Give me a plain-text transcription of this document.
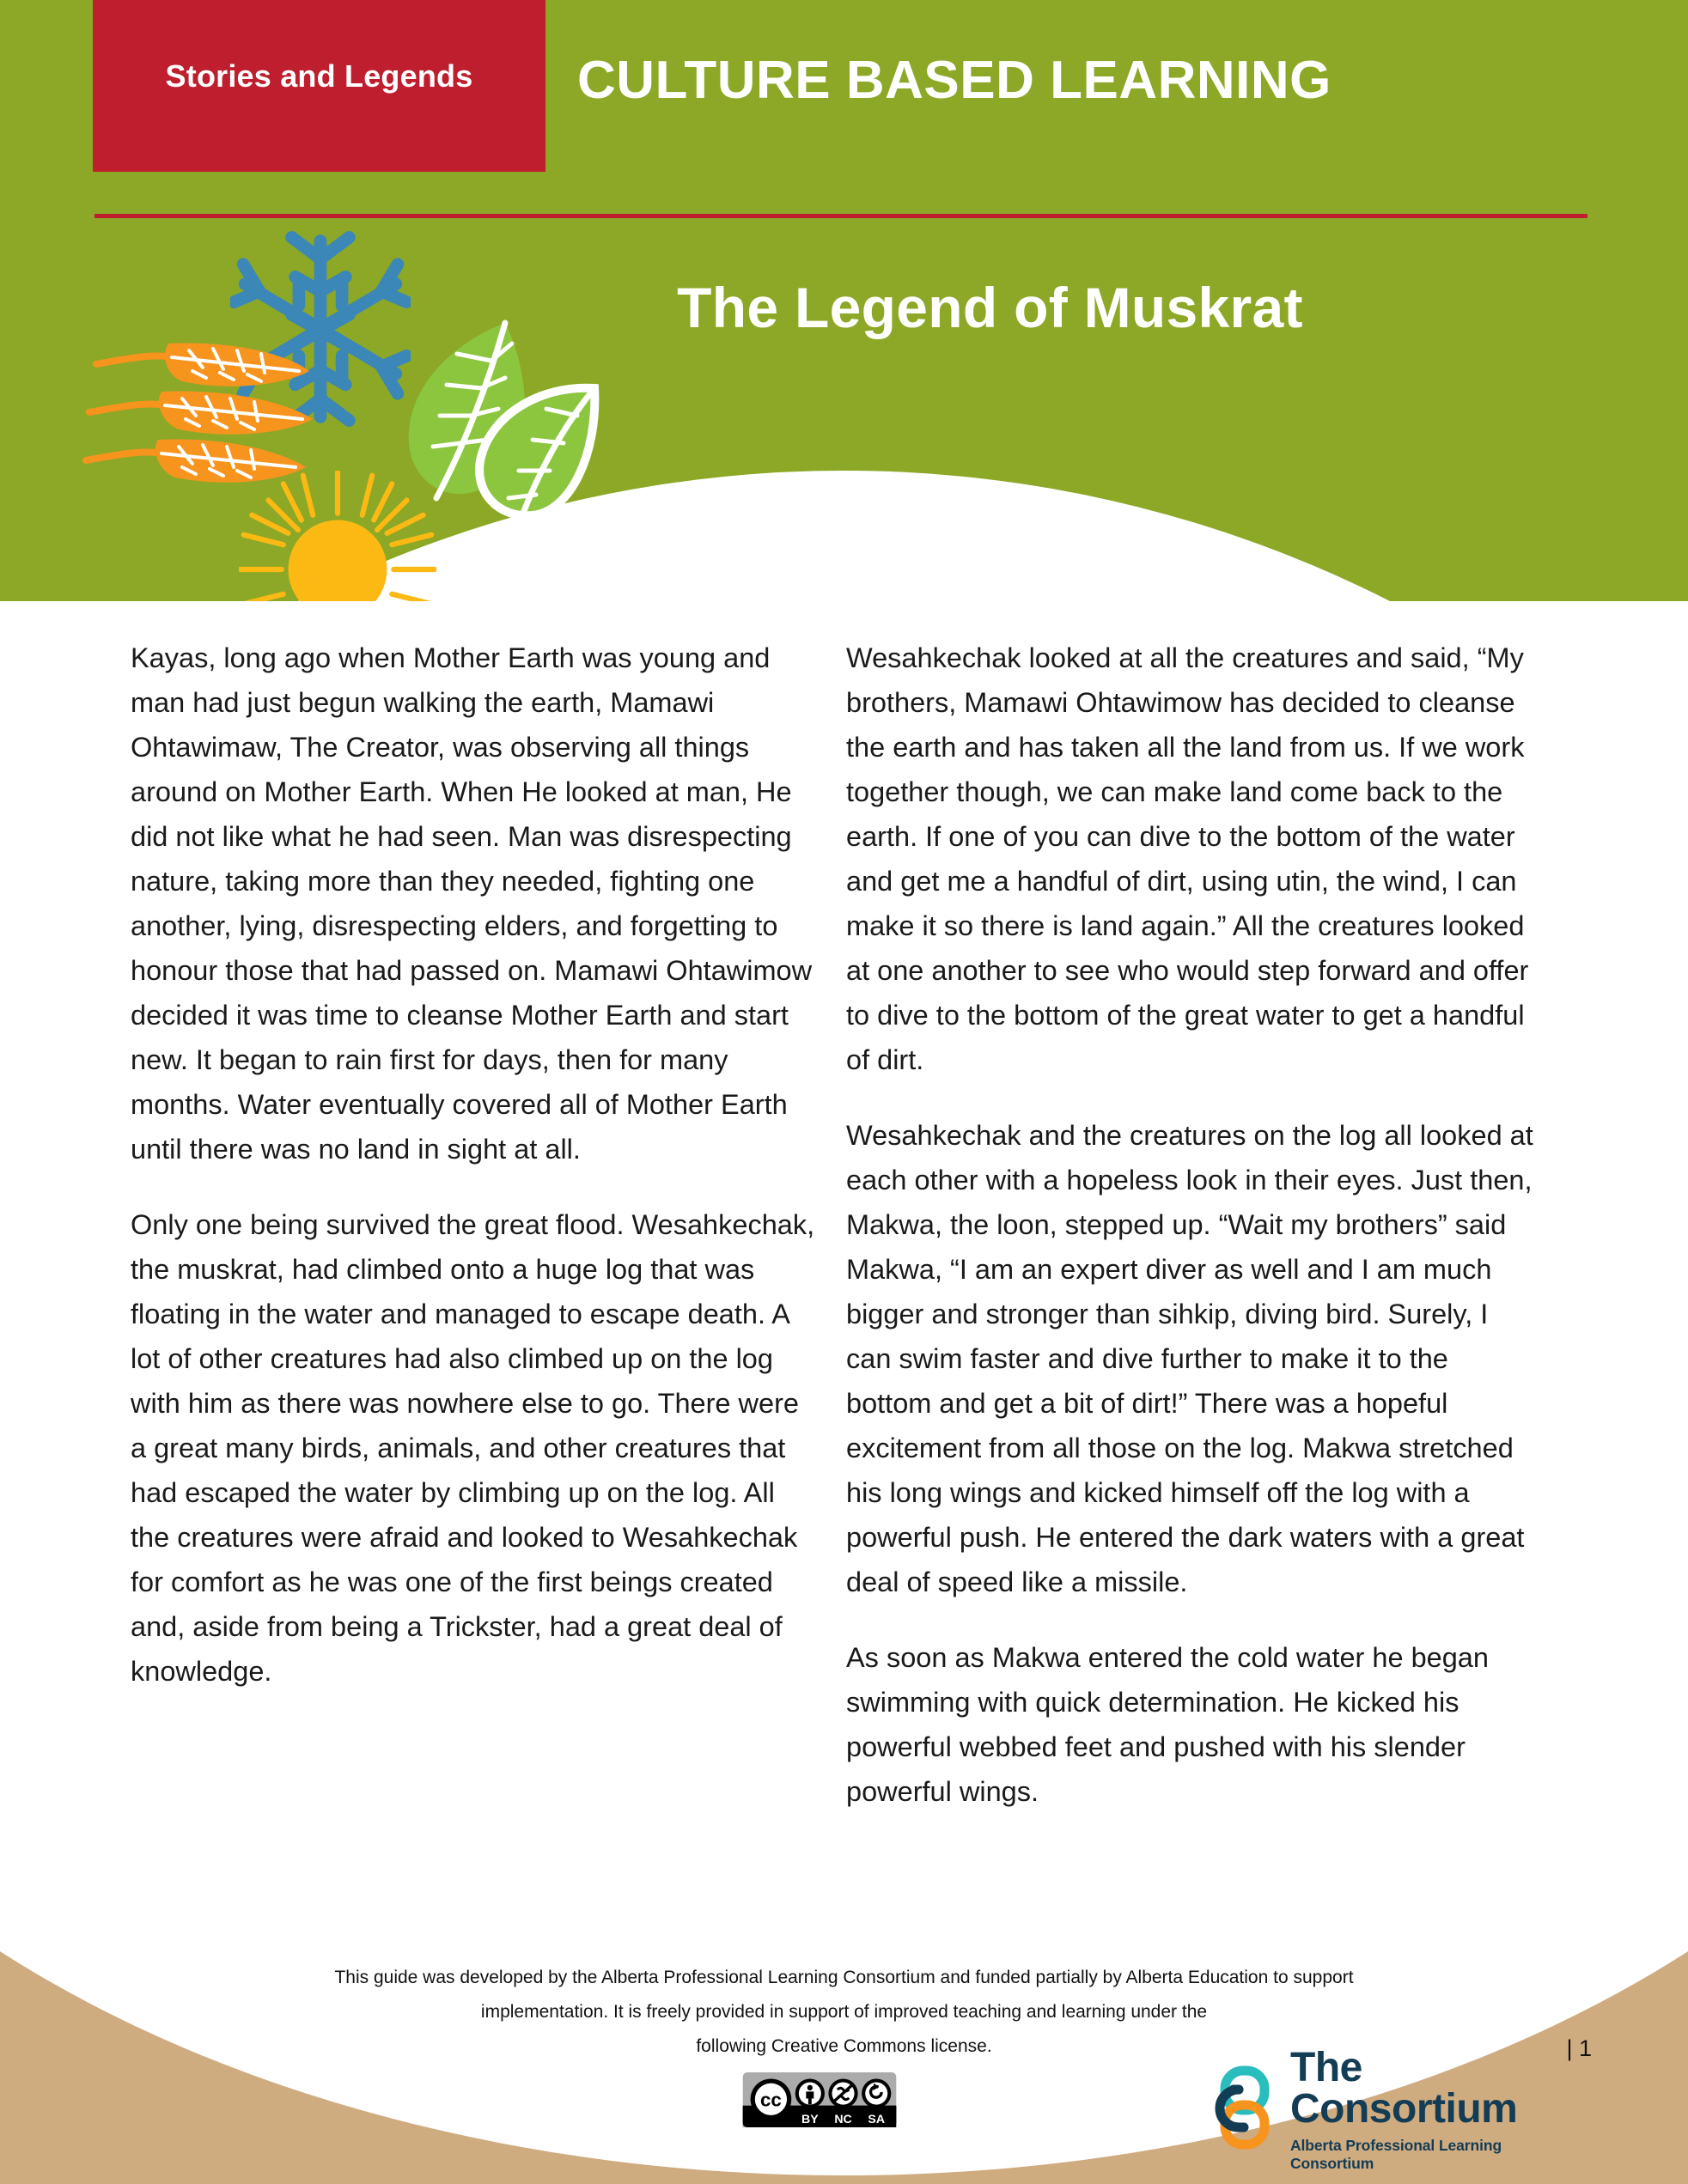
Stories and Legends	CULTURE BASED LEARNING
The Legend of Muskrat

Kayas, long ago when Mother Earth was young and man had just begun walking the earth, Mamawi Ohtawimaw, The Creator, was observing all things around on Mother Earth. When He looked at man, He did not like what he had seen. Man was disrespecting nature, taking more than they needed, fighting one another, lying, disrespecting elders, and forgetting to honour those that had passed on. Mamawi Ohtawimow decided it was time to cleanse Mother Earth and start new. It began to rain first for days, then for many months. Water eventually covered all of Mother Earth until there was no land in sight at all.

Only one being survived the great flood. Wesahkechak, the muskrat, had climbed onto a huge log that was floating in the water and managed to escape death. A lot of other creatures had also climbed up on the log with him as there was nowhere else to go. There were a great many birds, animals, and other creatures that had escaped the water by climbing up on the log. All the creatures were afraid and looked to Wesahkechak for comfort as he was one of the first beings created and, aside from being a Trickster, had a great deal of knowledge.

Wesahkechak looked at all the creatures and said, “My brothers, Mamawi Ohtawimow has decided to cleanse the earth and has taken all the land from us. If we work together though, we can make land come back to the earth. If one of you can dive to the bottom of the water and get me a handful of dirt, using utin, the wind, I can make it so there is land again.” All the creatures looked at one another to see who would step forward and offer to dive to the bottom of the great water to get a handful of dirt.

Wesahkechak and the creatures on the log all looked at each other with a hopeless look in their eyes. Just then, Makwa, the loon, stepped up. “Wait my brothers” said Makwa, “I am an expert diver as well and I am much bigger and stronger than sihkip, diving bird. Surely, I can swim faster and dive further to make it to the bottom and get a bit of dirt!” There was a hopeful excitement from all those on the log. Makwa stretched his long wings and kicked himself off the log with a powerful push. He entered the dark waters with a great deal of speed like a missile.

As soon as Makwa entered the cold water he began swimming with quick determination. He kicked his powerful webbed feet and pushed with his slender powerful wings.

This guide was developed by the Alberta Professional Learning Consortium and funded partially by Alberta Education to support
implementation. It is freely provided in support of improved teaching and learning under the
following Creative Commons license.	| 1
cc
BY NC SA
The Consortium
Alberta Professional Learning Consortium
